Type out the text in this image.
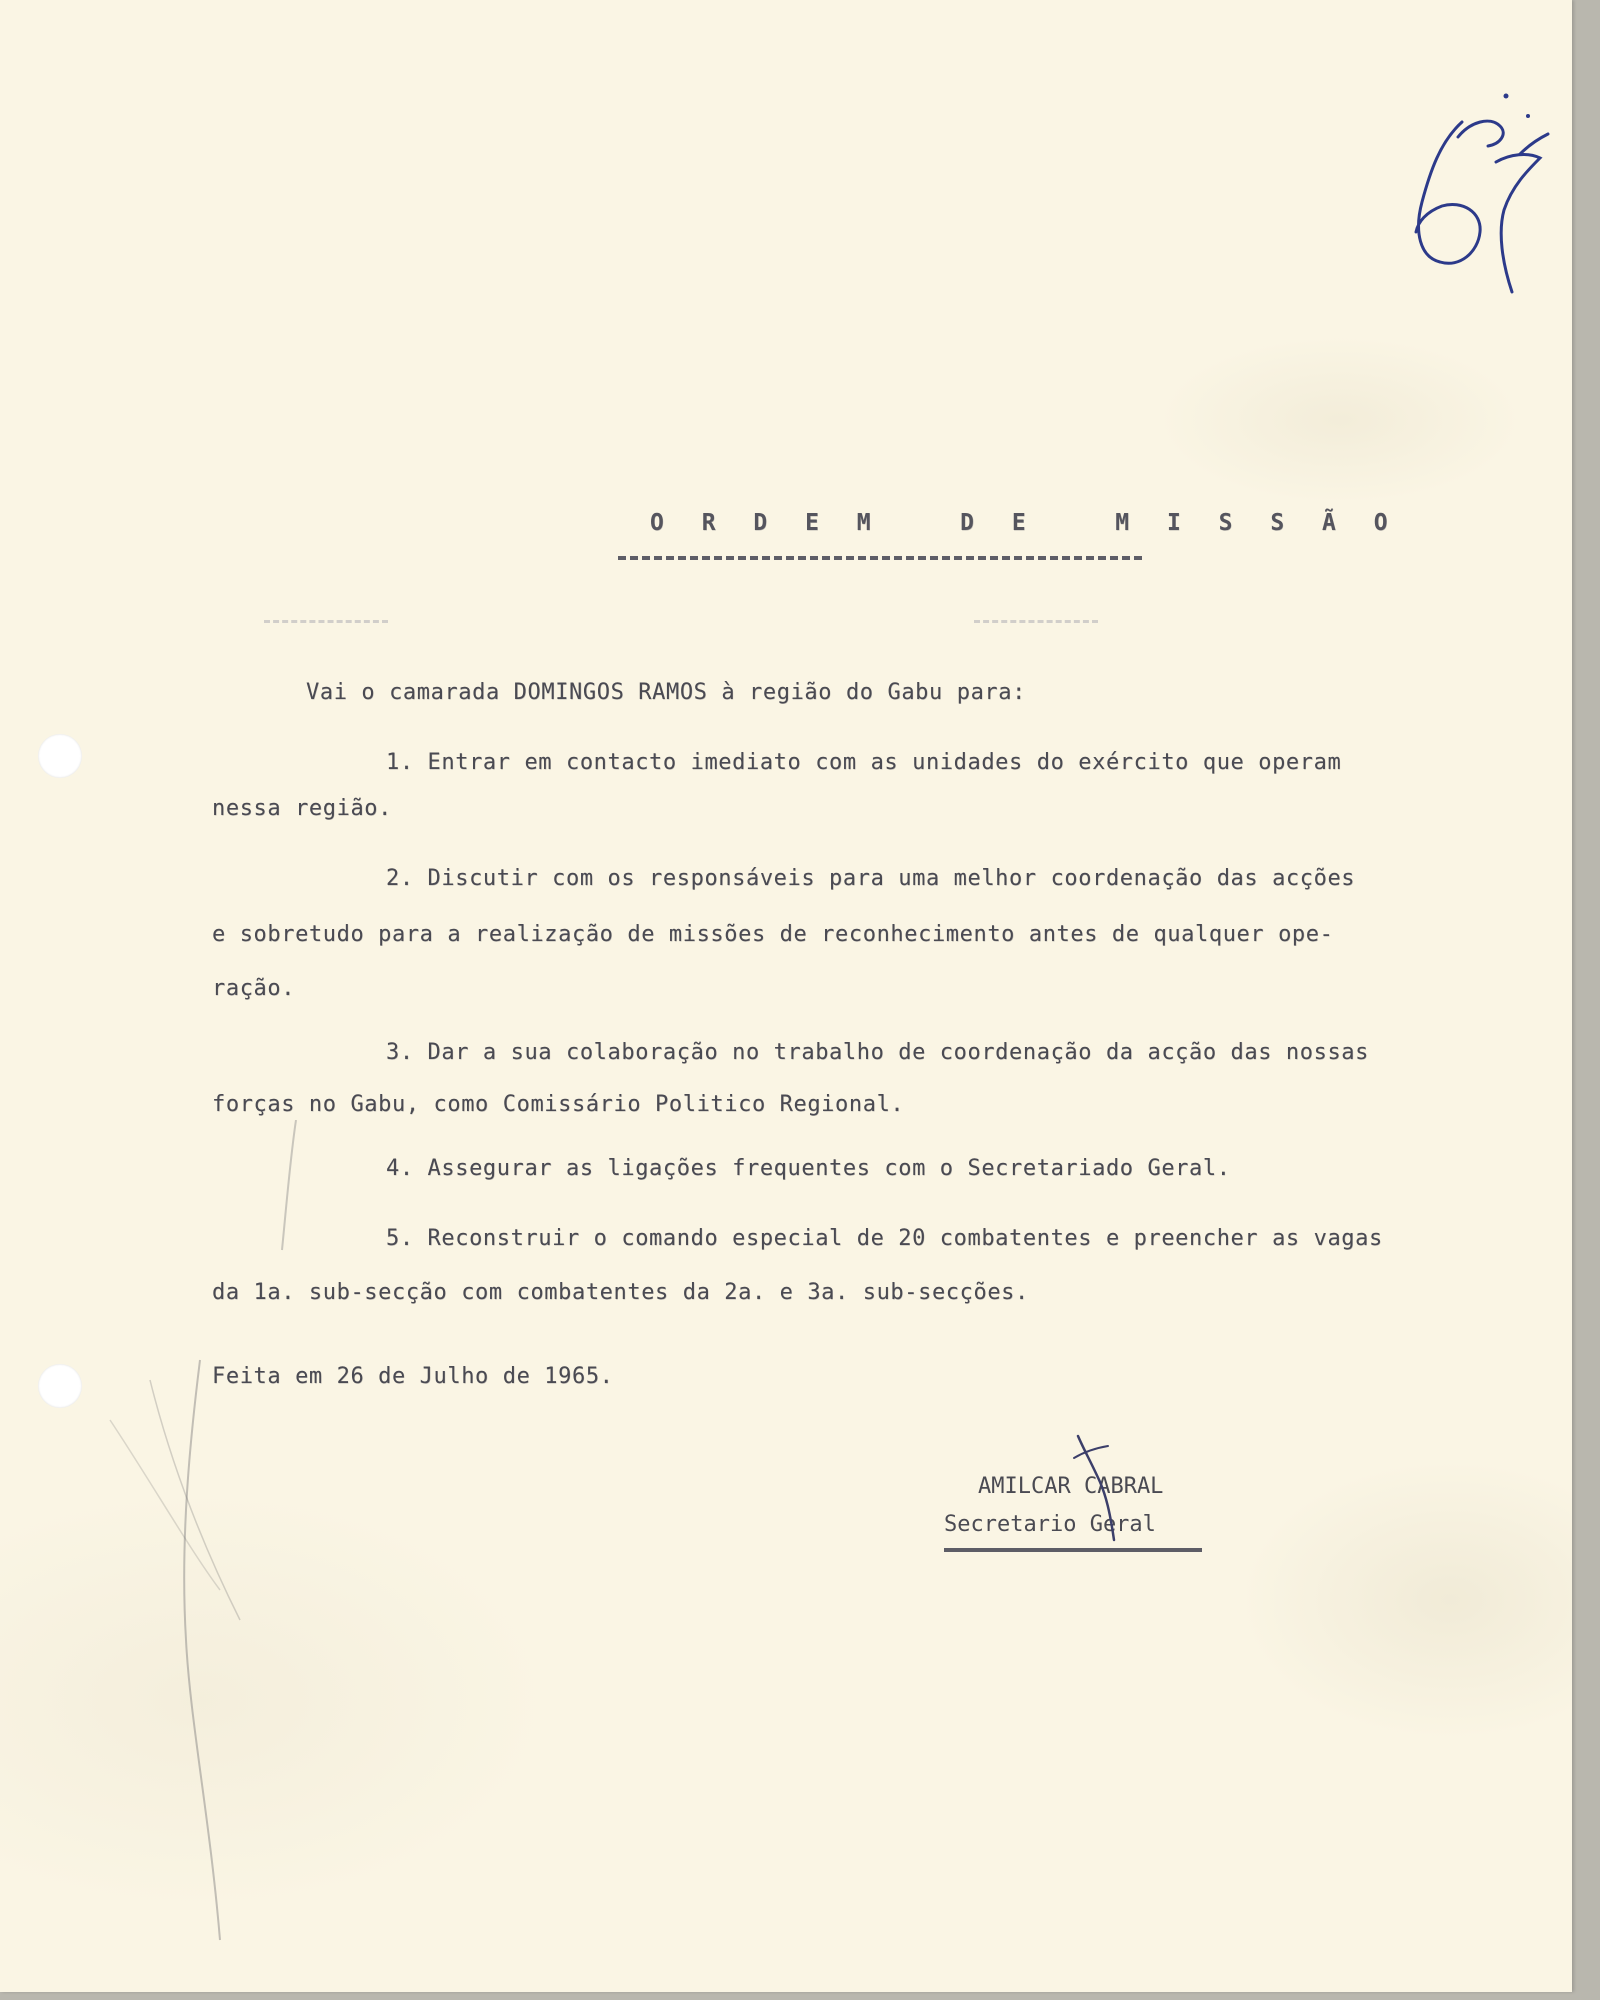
O R D E M   D E   M I S S Ã O
Vai o camarada DOMINGOS RAMOS à região do Gabu para:
1. Entrar em contacto imediato com as unidades do exército que operam
nessa região.
2. Discutir com os responsáveis para uma melhor coordenação das acções
e sobretudo para a realização de missões de reconhecimento antes de qualquer ope-
ração.
3. Dar a sua colaboração no trabalho de coordenação da acção das nossas
forças no Gabu, como Comissário Politico Regional.
4. Assegurar as ligações frequentes com o Secretariado Geral.
5. Reconstruir o comando especial de 20 combatentes e preencher as vagas
da 1a. sub-secção com combatentes da 2a. e 3a. sub-secções.
Feita em 26 de Julho de 1965.
AMILCAR CABRAL
Secretario Geral
